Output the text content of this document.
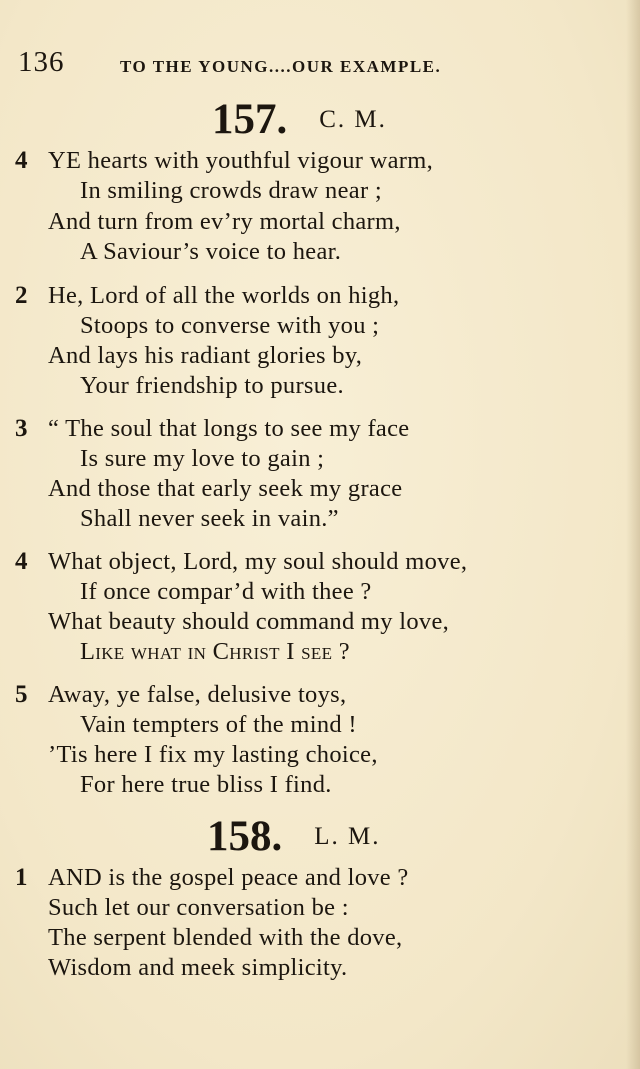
136	TO THE YOUNG....OUR EXAMPLE.
157. C. M.
4 YE hearts with youthful vigour warm,
In smiling crowds draw near ;
And turn from ev’ry mortal charm,
A Saviour’s voice to hear.
2 He, Lord of all the worlds on high,
Stoops to converse with you ;
And lays his radiant glories by,
Your friendship to pursue.
3 “ The soul that longs to see my face
Is sure my love to gain ;
And those that early seek my grace
Shall never seek in vain.”
4 What object, Lord, my soul should move,
If once compar’d with thee ?
What beauty should command my love,
Like what in Christ I see ?
5 Away, ye false, delusive toys,
Vain tempters of the mind !
’Tis here I fix my lasting choice,
For here true bliss I find.
158. L. M.
1 AND is the gospel peace and love ?
Such let our conversation be :
The serpent blended with the dove,
Wisdom and meek simplicity.
